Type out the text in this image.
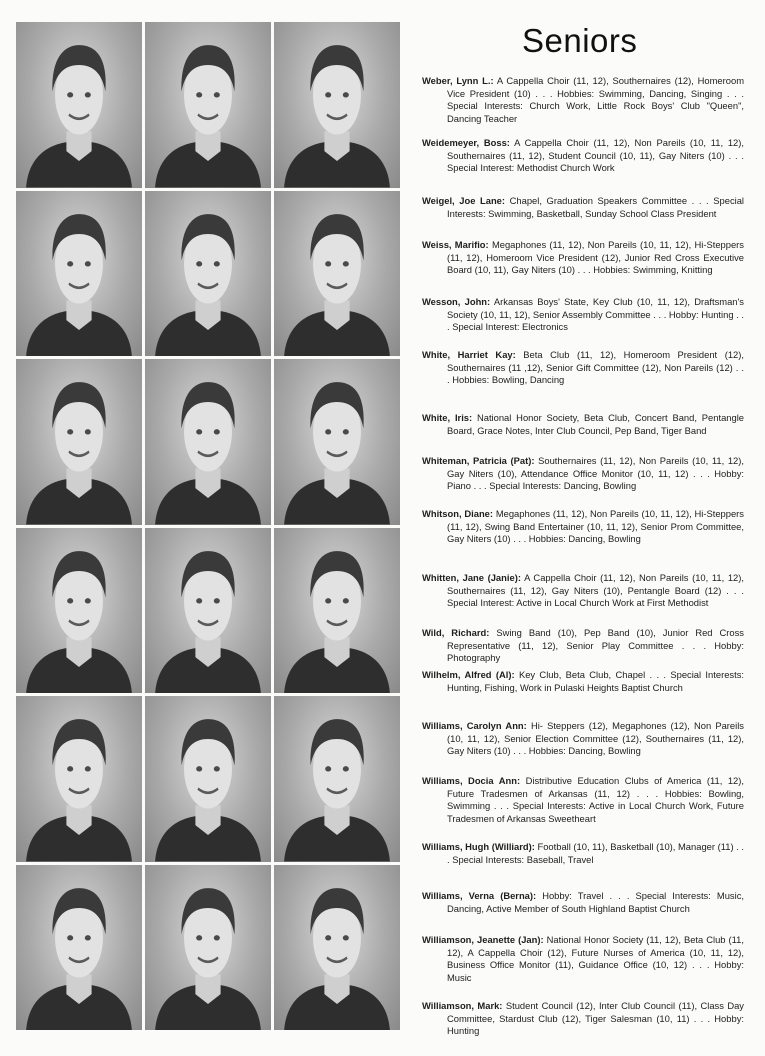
Seniors

Weber, Lynn L.: A Cappella Choir (11, 12), Southernaires (12), Homeroom Vice President (10) . . . Hobbies: Swimming, Dancing, Singing . . . Special Interests: Church Work, Little Rock Boys' Club "Queen", Dancing Teacher

Weidemeyer, Boss: A Cappella Choir (11, 12), Non Pareils (10, 11, 12), Southernaires (11, 12), Student Council (10, 11), Gay Niters (10) . . . Special Interest: Methodist Church Work

Weigel, Joe Lane: Chapel, Graduation Speakers Committee . . . Special Interests: Swimming, Basketball, Sunday School Class President

Weiss, Marifio: Megaphones (11, 12), Non Pareils (10, 11, 12), Hi-Steppers (11, 12), Homeroom Vice President (12), Junior Red Cross Executive Board (10, 11), Gay Niters (10) . . . Hobbies: Swimming, Knitting

Wesson, John: Arkansas Boys' State, Key Club (10, 11, 12), Draftsman's Society (10, 11, 12), Senior Assembly Committee . . . Hobby: Hunting . . . Special Interest: Electronics

White, Harriet Kay: Beta Club (11, 12), Homeroom President (12), Southernaires (11 ,12), Senior Gift Committee (12), Non Pareils (12) . . . Hobbies: Bowling, Dancing

White, Iris: National Honor Society, Beta Club, Concert Band, Pentangle Board, Grace Notes, Inter Club Council, Pep Band, Tiger Band

Whiteman, Patricia (Pat): Southernaires (11, 12), Non Pareils (10, 11, 12), Gay Niters (10), Attendance Office Monitor (10, 11, 12) . . . Hobby: Piano . . . Special Interests: Dancing, Bowling

Whitson, Diane: Megaphones (11, 12), Non Pareils (10, 11, 12), Hi-Steppers (11, 12), Swing Band Entertainer (10, 11, 12), Senior Prom Committee, Gay Niters (10) . . . Hobbies: Dancing, Bowling

Whitten, Jane (Janie): A Cappella Choir (11, 12), Non Pareils (10, 11, 12), Southernaires (11, 12), Gay Niters (10), Pentangle Board (12) . . . Special Interest: Active in Local Church Work at First Methodist

Wild, Richard: Swing Band (10), Pep Band (10), Junior Red Cross Representative (11, 12), Senior Play Committee . . . Hobby: Photography

Wilhelm, Alfred (Al): Key Club, Beta Club, Chapel . . . Special Interests: Hunting, Fishing, Work in Pulaski Heights Baptist Church

Williams, Carolyn Ann: Hi- Steppers (12), Megaphones (12), Non Pareils (10, 11, 12), Senior Election Committee (12), Southernaires (11, 12), Gay Niters (10) . . . Hobbies: Dancing, Bowling

Williams, Docia Ann: Distributive Education Clubs of America (11, 12), Future Tradesmen of Arkansas (11, 12) . . . Hobbies: Bowling, Swimming . . . Special Interests: Active in Local Church Work, Future Tradesmen of Arkansas Sweetheart

Williams, Hugh (Williard): Football (10, 11), Basketball (10), Manager (11) . . . Special Interests: Baseball, Travel

Williams, Verna (Berna): Hobby: Travel . . . Special Interests: Music, Dancing, Active Member of South Highland Baptist Church

Williamson, Jeanette (Jan): National Honor Society (11, 12), Beta Club (11, 12), A Cappella Choir (12), Future Nurses of America (10, 11, 12), Business Office Monitor (11), Guidance Office (10, 12) . . . Hobby: Music

Williamson, Mark: Student Council (12), Inter Club Council (11), Class Day Committee, Stardust Club (12), Tiger Salesman (10, 11) . . . Hobby: Hunting
